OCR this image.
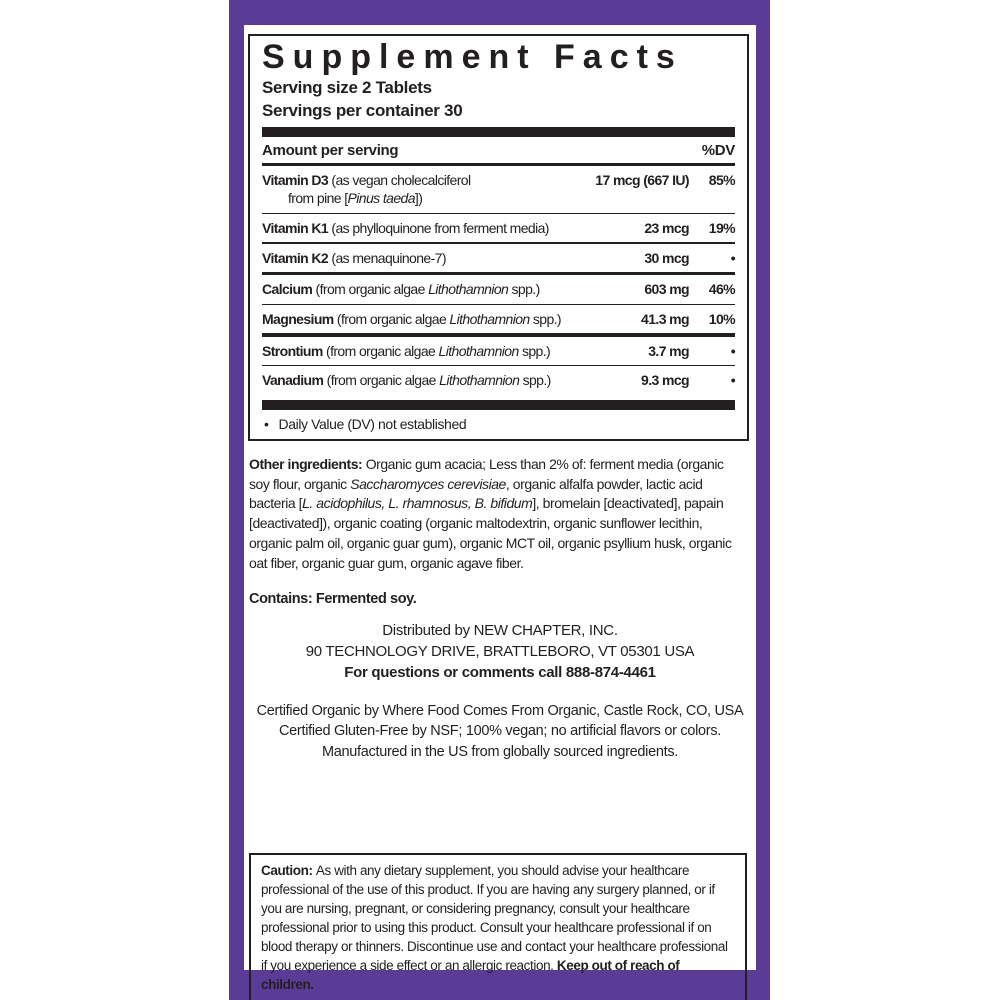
Supplement Facts
Serving size 2 Tablets
Servings per container 30
Amount per serving	%DV
Vitamin D3 (as vegan cholecalciferol
from pine [Pinus taeda])
17 mcg (667 IU)	85%
Vitamin K1 (as phylloquinone from ferment media)	23 mcg	19%
Vitamin K2 (as menaquinone-7)	30 mcg	•
Calcium (from organic algae Lithothamnion spp.)	603 mg	46%
Magnesium (from organic algae Lithothamnion spp.)	41.3 mg	10%
Strontium (from organic algae Lithothamnion spp.)	3.7 mg	•
Vanadium (from organic algae Lithothamnion spp.)	9.3 mcg	•
• Daily Value (DV) not established

Other ingredients: Organic gum acacia; Less than 2% of: ferment media (organic soy flour, organic Saccharomyces cerevisiae, organic alfalfa powder, lactic acid bacteria [L. acidophilus, L. rhamnosus, B. bifidum], bromelain [deactivated], papain [deactivated]), organic coating (organic maltodextrin, organic sunflower lecithin, organic palm oil, organic guar gum), organic MCT oil, organic psyllium husk, organic oat fiber, organic guar gum, organic agave fiber.

Contains: Fermented soy.

Distributed by NEW CHAPTER, INC.
90 TECHNOLOGY DRIVE, BRATTLEBORO, VT 05301 USA
For questions or comments call 888-874-4461
Certified Organic by Where Food Comes From Organic, Castle Rock, CO, USA
Certified Gluten-Free by NSF; 100% vegan; no artificial flavors or colors.
Manufactured in the US from globally sourced ingredients.
Caution: As with any dietary supplement, you should advise your healthcare professional of the use of this product. If you are having any surgery planned, or if you are nursing, pregnant, or considering pregnancy, consult your healthcare professional prior to using this product. Consult your healthcare professional if on blood therapy or thinners. Discontinue use and contact your healthcare professional if you experience a side effect or an allergic reaction. Keep out of reach of children.
